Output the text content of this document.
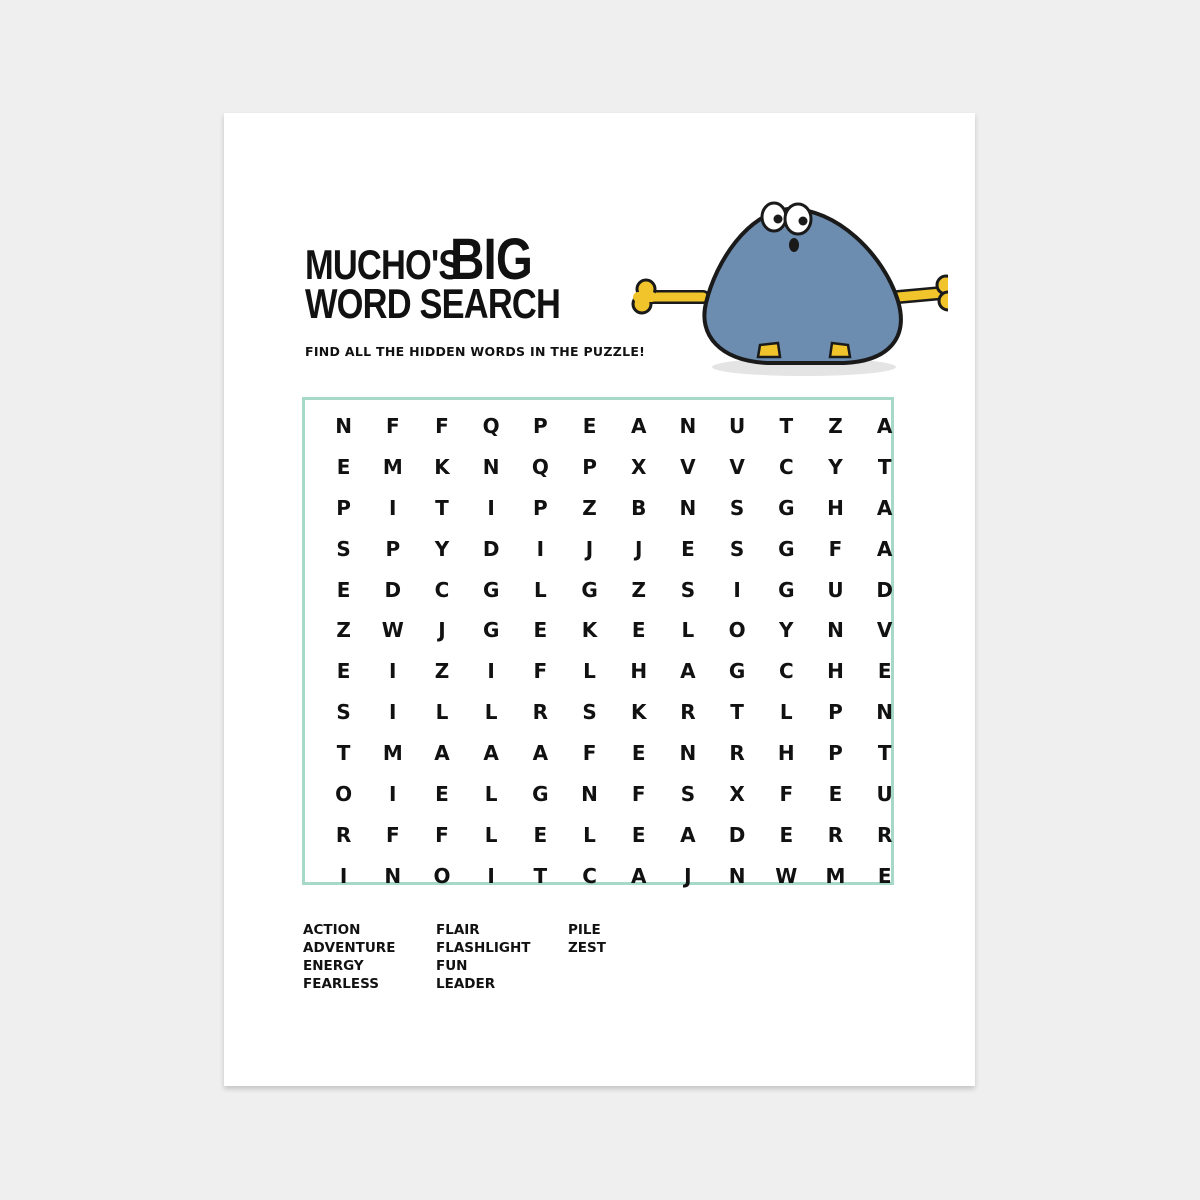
MUCHO'S BIG
WORD SEARCH
FIND ALL THE HIDDEN WORDS IN THE PUZZLE!
N	F	F	Q	P	E	A	N	U	T	Z	A
E	M	K	N	Q	P	X	V	V	C	Y	T
P	I	T	I	P	Z	B	N	S	G	H	A
S	P	Y	D	I	J	J	E	S	G	F	A
E	D	C	G	L	G	Z	S	I	G	U	D
Z	W	J	G	E	K	E	L	O	Y	N	V
E	I	Z	I	F	L	H	A	G	C	H	E
S	I	L	L	R	S	K	R	T	L	P	N
T	M	A	A	A	F	E	N	R	H	P	T
O	I	E	L	G	N	F	S	X	F	E	U
R	F	F	L	E	L	E	A	D	E	R	R
I	N	O	I	T	C	A	J	N	W	M	E
ACTION
ADVENTURE
ENERGY
FEARLESS
FLAIR
FLASHLIGHT
FUN
LEADER
PILE
ZEST
